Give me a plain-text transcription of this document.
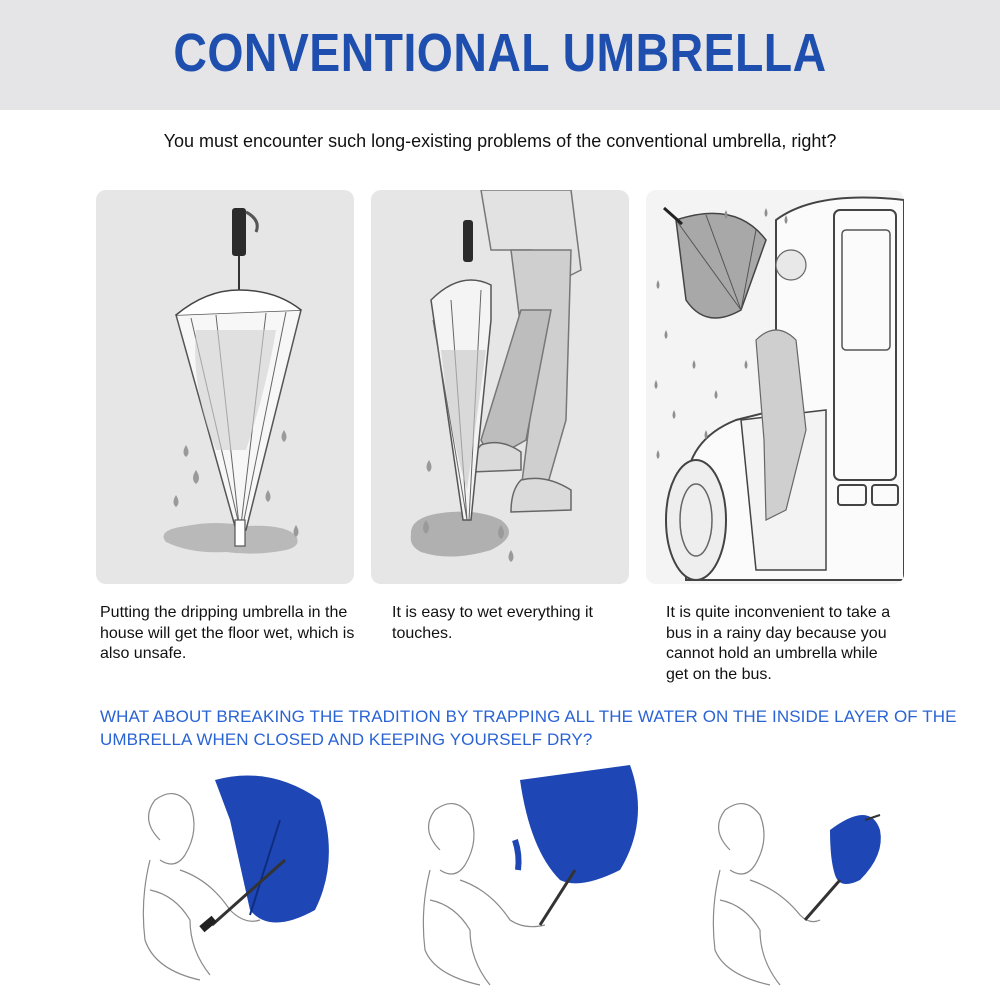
CONVENTIONAL UMBRELLA
You must encounter such long-existing problems of the conventional umbrella, right?
Putting the dripping umbrella in the house will get the floor wet, which is also unsafe.
It is easy to wet everything it touches.
It is quite inconvenient to take a bus in a rainy day because you cannot hold an umbrella while get on the bus.
WHAT ABOUT BREAKING THE TRADITION BY TRAPPING ALL THE WATER ON THE INSIDE LAYER OF THE UMBRELLA WHEN CLOSED AND KEEPING YOURSELF DRY?
